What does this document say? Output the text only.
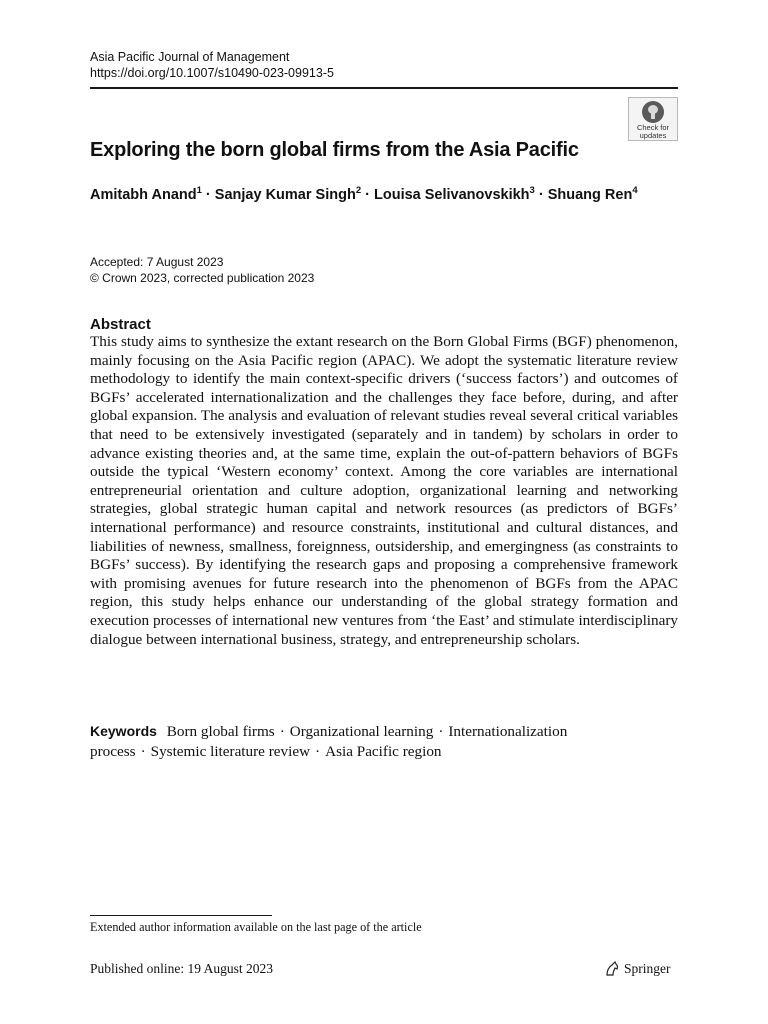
Asia Pacific Journal of Management
https://doi.org/10.1007/s10490-023-09913-5
Check for
updates
Exploring the born global firms from the Asia Pacific
Amitabh Anand$^1$ · Sanjay Kumar Singh$^2$ · Louisa Selivanovskikh$^3$ · Shuang Ren$^4$
Accepted: 7 August 2023
© Crown 2023, corrected publication 2023
Abstract
This study aims to synthesize the extant research on the Born Global Firms (BGF) phenomenon, mainly focusing on the Asia Pacific region (APAC). We adopt the systematic literature review methodology to identify the main context-specific drivers (‘success factors’) and outcomes of BGFs’ accelerated internationalization and the challenges they face before, during, and after global expansion. The analysis and evaluation of relevant studies reveal several critical variables that need to be extensively investigated (separately and in tandem) by scholars in order to advance existing theories and, at the same time, explain the out-of-pattern behaviors of BGFs outside the typical ‘Western economy’ context. Among the core variables are international entrepreneurial orientation and culture adoption, organizational learning and networking strategies, global strategic human capital and network resources (as predictors of BGFs’ international performance) and resource constraints, institutional and cultural distances, and liabilities of newness, smallness, foreignness, outsidership, and emergingness (as constraints to BGFs’ success). By identifying the research gaps and proposing a comprehensive framework with promising avenues for future research into the phenomenon of BGFs from the APAC region, this study helps enhance our understanding of the global strategy formation and execution processes of international new ventures from ‘the East’ and stimulate interdisciplinary dialogue between international business, strategy, and entrepreneurship scholars.
Keywords Born global firms · Organizational learning · Internationalization process · Systemic literature review · Asia Pacific region
Extended author information available on the last page of the article
Published online: 19 August 2023	Springer
